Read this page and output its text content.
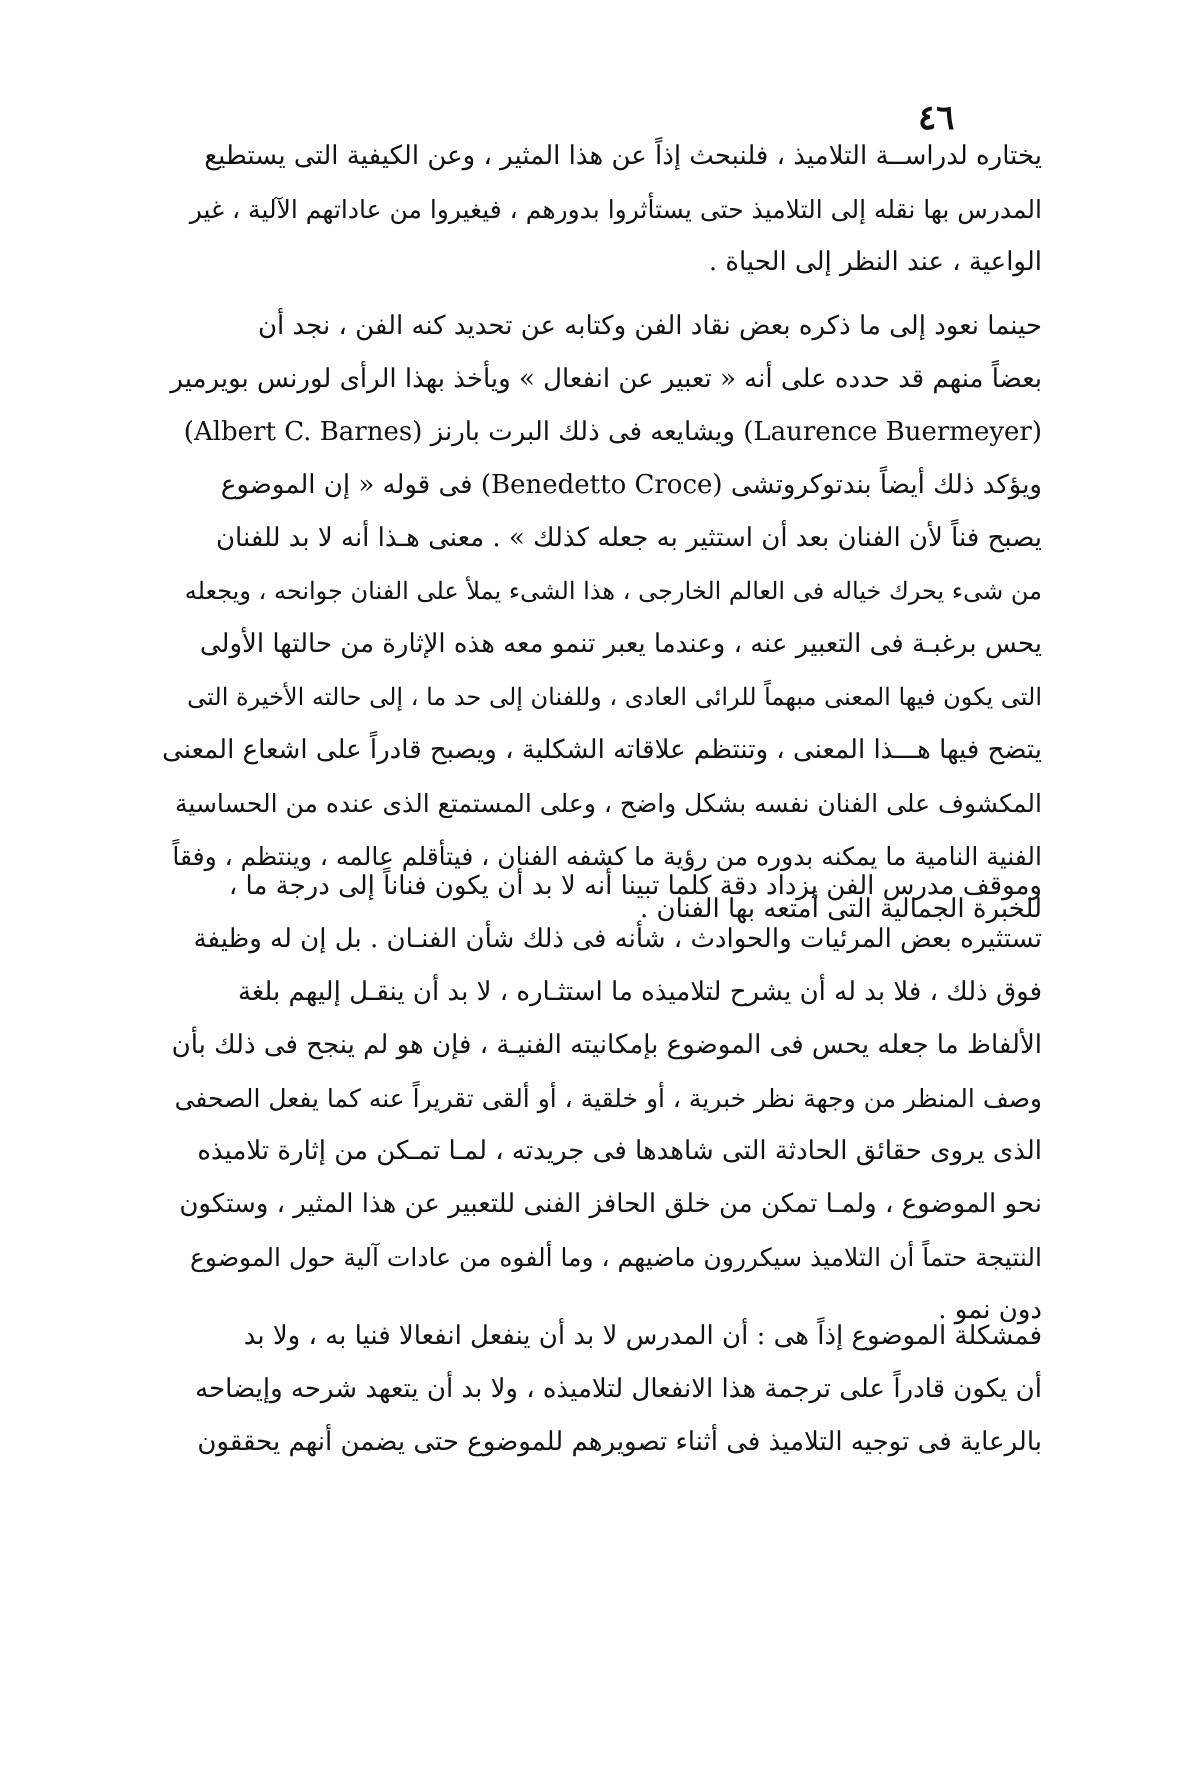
٤٦
يختاره لدراســة التلاميذ ، فلنبحث إذاً عن هذا المثير ، وعن الكيفية التى يستطيع
المدرس بها نقله إلى التلاميذ حتى يستأثروا بدورهم ، فيغيروا من عاداتهم الآلية ، غير
الواعية ، عند النظر إلى الحياة .
حينما نعود إلى ما ذكره بعض نقاد الفن وكتابه عن تحديد كنه الفن ، نجد أن
بعضاً منهم قد حدده على أنه « تعبير عن انفعال » ويأخذ بهذا الرأى لورنس بويرمير
(Laurence Buermeyer) ويشايعه فى ذلك البرت بارنز (Albert C. Barnes)
ويؤكد ذلك أيضاً بندتوكروتشى (Benedetto Croce) فى قوله « إن الموضوع
يصبح فناً لأن الفنان بعد أن استثير به جعله كذلك » . معنى هـذا أنه لا بد للفنان
من شىء يحرك خياله فى العالم الخارجى ، هذا الشىء يملأ على الفنان جوانحه ، ويجعله
يحس برغبـة فى التعبير عنه ، وعندما يعبر تنمو معه هذه الإثارة من حالتها الأولى
التى يكون فيها المعنى مبهماً للرائى العادى ، وللفنان إلى حد ما ، إلى حالته الأخيرة التى
يتضح فيها هـــذا المعنى ، وتنتظم علاقاته الشكلية ، ويصبح قادراً على اشعاع المعنى
المكشوف على الفنان نفسه بشكل واضح ، وعلى المستمتع الذى عنده من الحساسية
الفنية النامية ما يمكنه بدوره من رؤية ما كشفه الفنان ، فيتأقلم عالمه ، وينتظم ، وفقاً
للخبرة الجمالية التى أمتعه بها الفنان .
وموقف مدرس الفن يزداد دقة كلما تبينا أنه لا بد أن يكون فناناً إلى درجة ما ،
تستثيره بعض المرئيات والحوادث ، شأنه فى ذلك شأن الفنـان . بل إن له وظيفة
فوق ذلك ، فلا بد له أن يشرح لتلاميذه ما استثـاره ، لا بد أن ينقـل إليهم بلغة
الألفاظ ما جعله يحس فى الموضوع بإمكانيته الفنيـة ، فإن هو لم ينجح فى ذلك بأن
وصف المنظر من وجهة نظر خبرية ، أو خلقية ، أو ألقى تقريراً عنه كما يفعل الصحفى
الذى يروى حقائق الحادثة التى شاهدها فى جريدته ، لمـا تمـكن من إثارة تلاميذه
نحو الموضوع ، ولمـا تمكن من خلق الحافز الفنى للتعبير عن هذا المثير ، وستكون
النتيجة حتماً أن التلاميذ سيكررون ماضيهم ، وما ألفوه من عادات آلية حول الموضوع
دون نمو .
فمشكلة الموضوع إذاً هى : أن المدرس لا بد أن ينفعل انفعالا فنيا به ، ولا بد
أن يكون قادراً على ترجمة هذا الانفعال لتلاميذه ، ولا بد أن يتعهد شرحه وإيضاحه
بالرعاية فى توجيه التلاميذ فى أثناء تصويرهم للموضوع حتى يضمن أنهم يحققون
